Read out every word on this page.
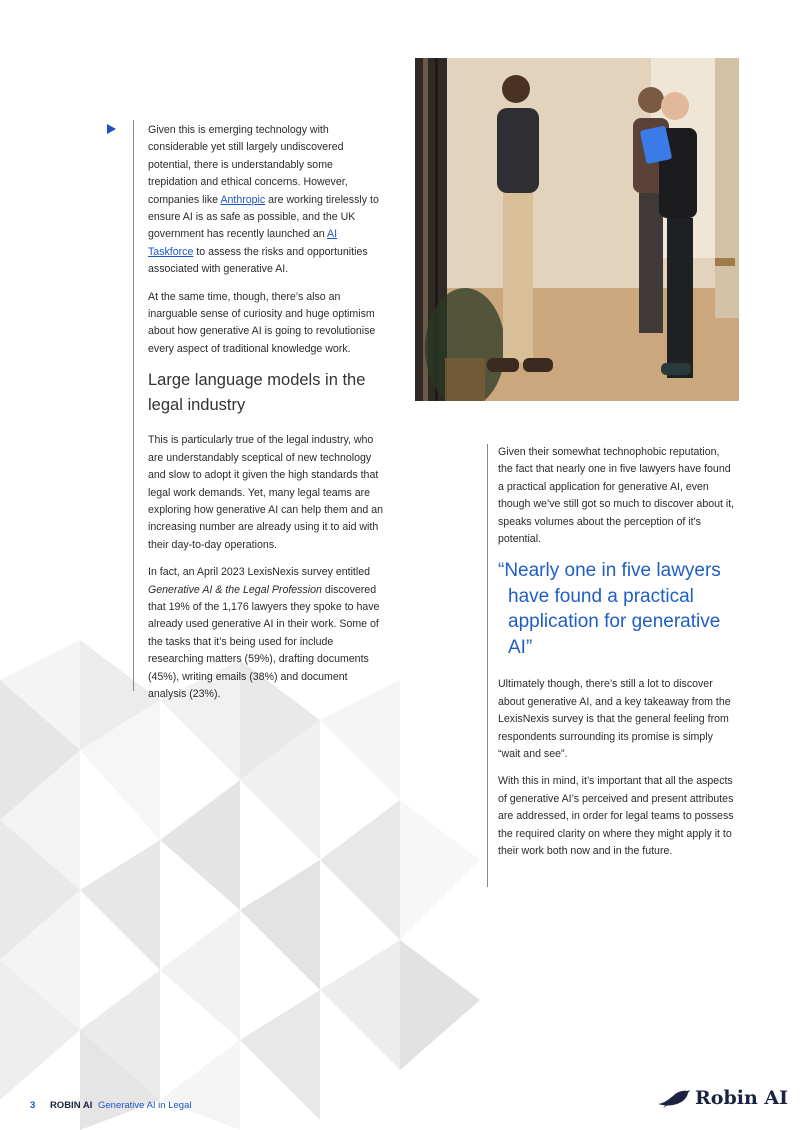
Given this is emerging technology with considerable yet still largely undiscovered potential, there is understandably some trepidation and ethical concerns. However, companies like Anthropic are working tirelessly to ensure AI is as safe as possible, and the UK government has recently launched an AI Taskforce to assess the risks and opportunities associated with generative AI.

At the same time, though, there’s also an inarguable sense of curiosity and huge optimism about how generative AI is going to revolutionise every aspect of traditional knowledge work.

Large language models in the legal industry

This is particularly true of the legal industry, who are understandably sceptical of new technology and slow to adopt it given the high standards that legal work demands. Yet, many legal teams are exploring how generative AI can help them and an increasing number are already using it to aid with their day-to-day operations.

In fact, an April 2023 LexisNexis survey entitled Generative AI & the Legal Profession discovered that 19% of the 1,176 lawyers they spoke to have already used generative AI in their work. Some of the tasks that it’s being used for include researching matters (59%), drafting documents (45%), writing emails (38%) and document analysis (23%).

Given their somewhat technophobic reputation, the fact that nearly one in five lawyers have found a practical application for generative AI, even though we’ve still got so much to discover about it, speaks volumes about the perception of it’s potential.

“Nearly one in five lawyers
have found a practical application for generative AI”

Ultimately though, there’s still a lot to discover about generative AI, and a key takeaway from the LexisNexis survey is that the general feeling from respondents surrounding its promise is simply “wait and see”.

With this in mind, it’s important that all the aspects of generative AI’s perceived and present attributes are addressed, in order for legal teams to possess the required clarity on where they might apply it to their work both now and in the future.

3 ROBIN AI Generative AI in Legal	Robin AI
